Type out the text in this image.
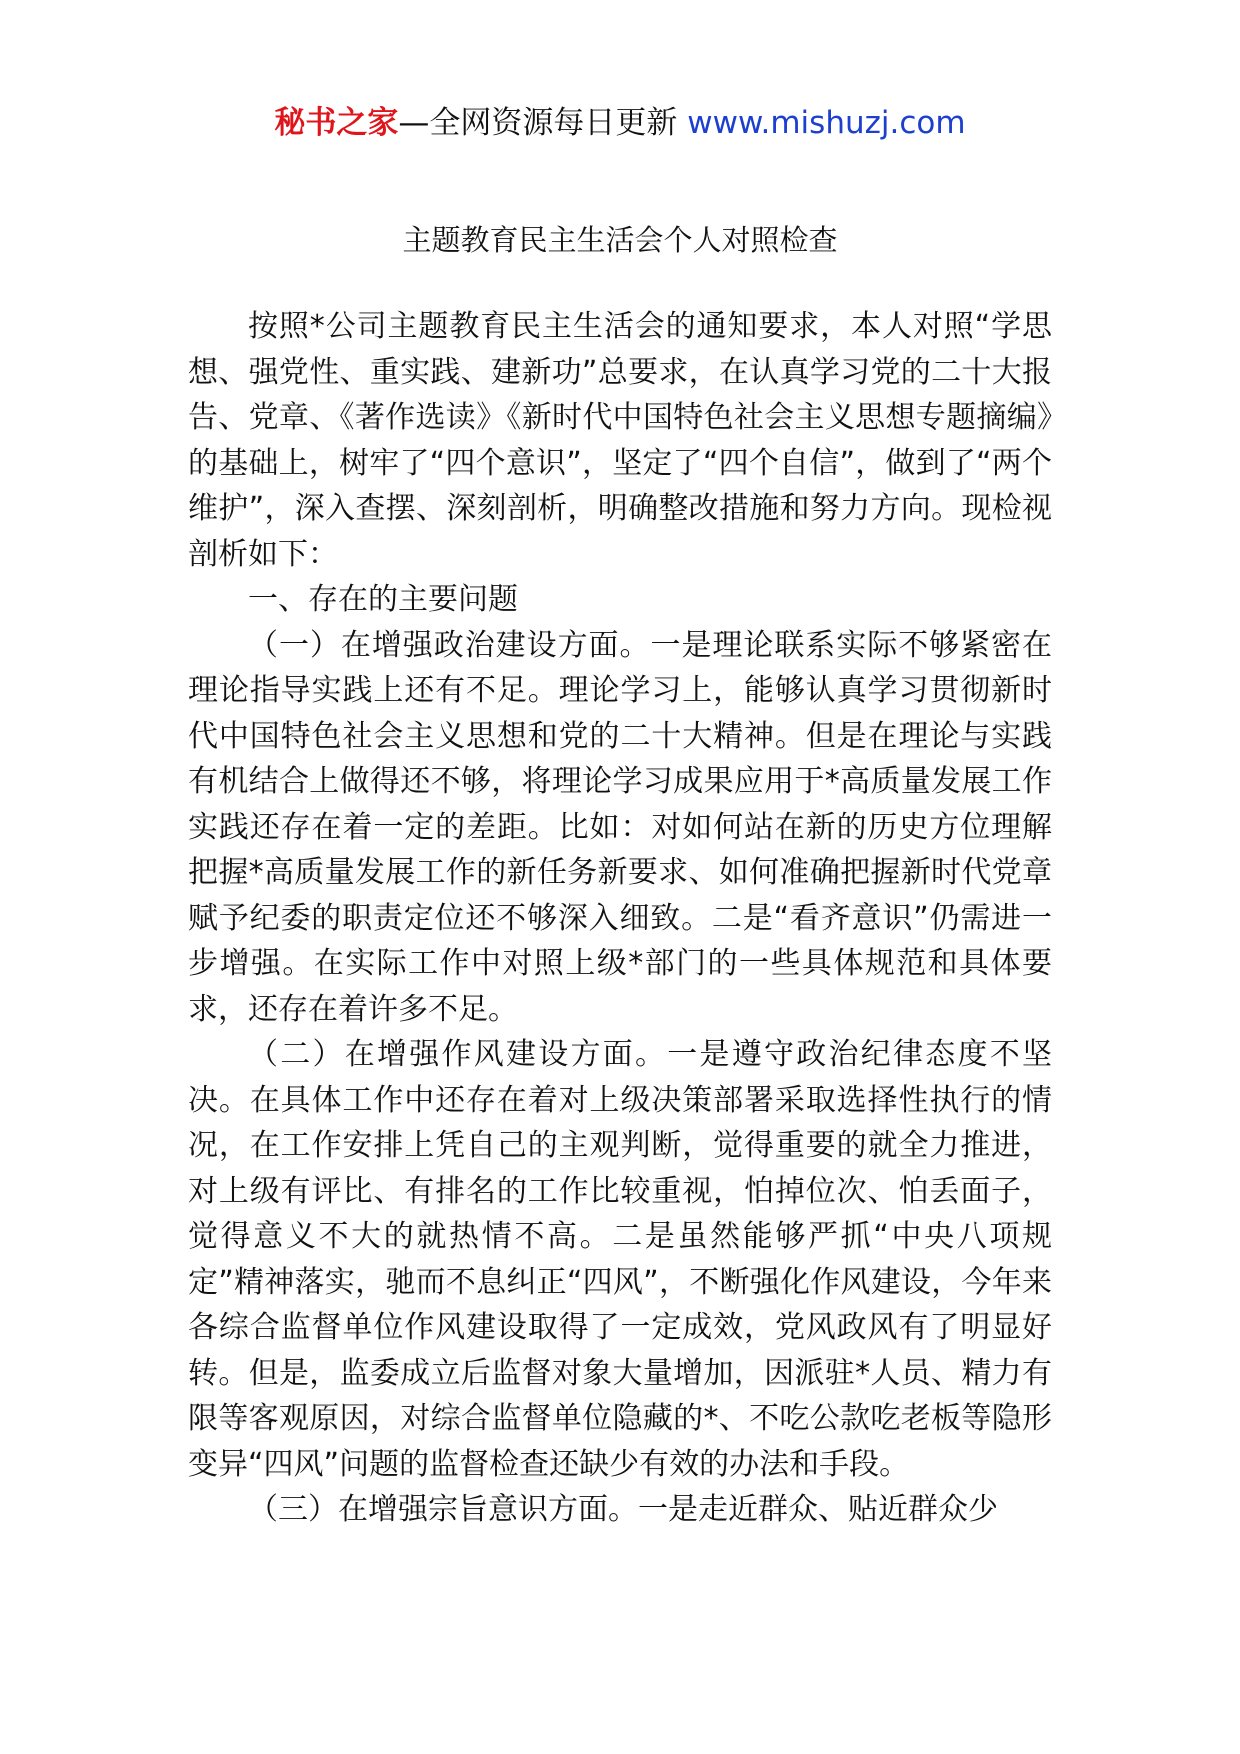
秘书之家—全网资源每日更新 www.mishuzj.com
主题教育民主生活会个人对照检查

按照*公司主题教育民主生活会的通知要求，本人对照“学思想、强党性、重实践、建新功”总要求，在认真学习党的二十大报告、党章、《著作选读》《新时代中国特色社会主义思想专题摘编》的基础上，树牢了“四个意识”，坚定了“四个自信”，做到了“两个维护”，深入查摆、深刻剖析，明确整改措施和努力方向。现检视剖析如下：

一、存在的主要问题

（一）在增强政治建设方面。一是理论联系实际不够紧密在理论指导实践上还有不足。理论学习上，能够认真学习贯彻新时代中国特色社会主义思想和党的二十大精神。但是在理论与实践有机结合上做得还不够，将理论学习成果应用于*高质量发展工作实践还存在着一定的差距。比如：对如何站在新的历史方位理解把握*高质量发展工作的新任务新要求、如何准确把握新时代党章赋予纪委的职责定位还不够深入细致。二是“看齐意识”仍需进一步增强。在实际工作中对照上级*部门的一些具体规范和具体要求，还存在着许多不足。

（二）在增强作风建设方面。一是遵守政治纪律态度不坚决。在具体工作中还存在着对上级决策部署采取选择性执行的情况，在工作安排上凭自己的主观判断，觉得重要的就全力推进，对上级有评比、有排名的工作比较重视，怕掉位次、怕丢面子，觉得意义不大的就热情不高。二是虽然能够严抓“中央八项规定”精神落实，驰而不息纠正“四风”，不断强化作风建设，今年来各综合监督单位作风建设取得了一定成效，党风政风有了明显好转。但是，监委成立后监督对象大量增加，因派驻*人员、精力有限等客观原因，对综合监督单位隐藏的*、不吃公款吃老板等隐形变异“四风”问题的监督检查还缺少有效的办法和手段。

（三）在增强宗旨意识方面。一是走近群众、贴近群众少
